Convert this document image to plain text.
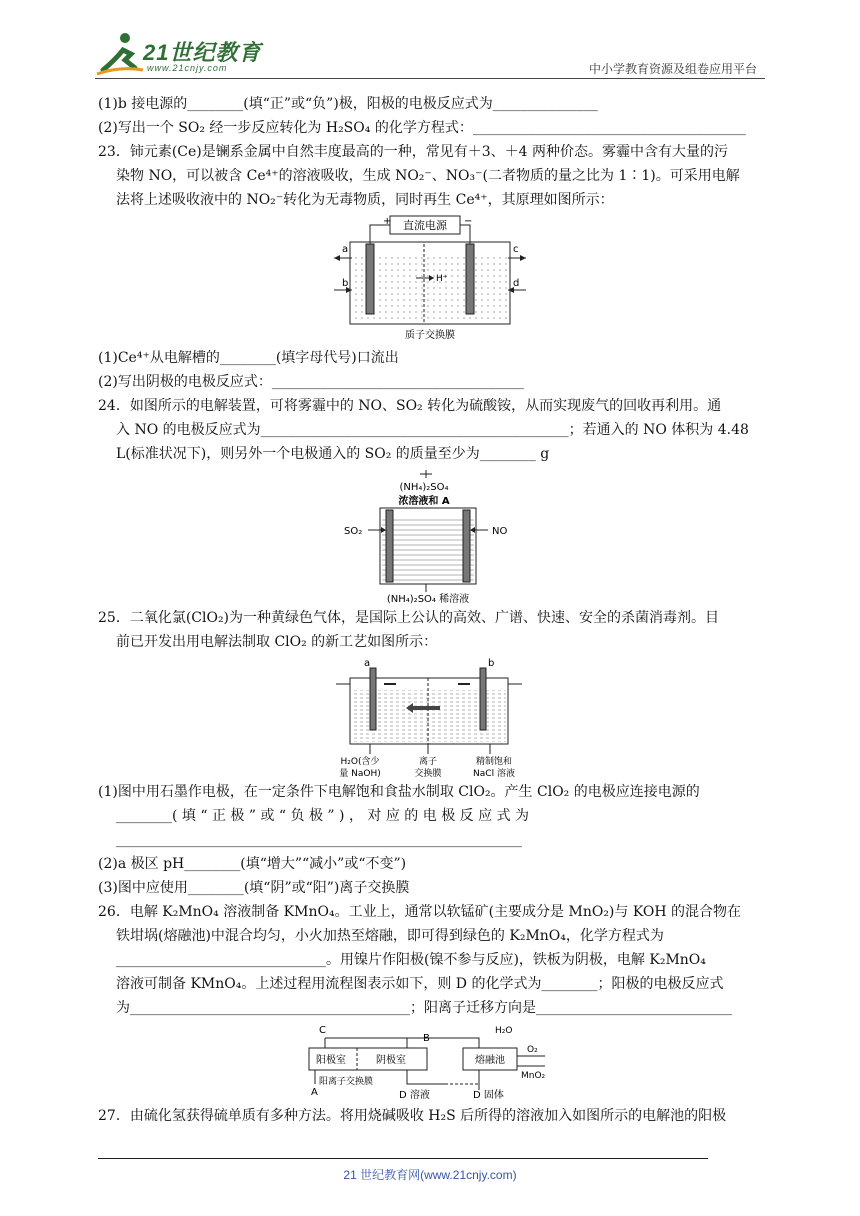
21世纪教育
www.21cnjy.com	中小学教育资源及组卷应用平台

(1)b 接电源的________(填“正”或“负”)极，阳极的电极反应式为_______________

(2)写出一个 SO₂ 经一步反应转化为 H₂SO₄ 的化学方程式：_______________________________________

23．铈元素(Ce)是镧系金属中自然丰度最高的一种，常见有＋3、＋4 两种价态。雾霾中含有大量的污

染物 NO，可以被含 Ce⁴⁺的溶液吸收，生成 NO₂⁻、NO₃⁻(二者物质的量之比为 1∶1)。可采用电解

法将上述吸收液中的 NO₂⁻转化为无毒物质，同时再生 Ce⁴⁺，其原理如图所示：

直流电源
+	−
a
b
c
d
H⁺
质子交换膜

(1)Ce⁴⁺从电解槽的________(填字母代号)口流出

(2)写出阴极的电极反应式：____________________________________

24．如图所示的电解装置，可将雾霾中的 NO、SO₂ 转化为硫酸铵，从而实现废气的回收再利用。通

入 NO 的电极反应式为____________________________________________；若通入的 NO 体积为 4.48

L(标准状况下)，则另外一个电极通入的 SO₂ 的质量至少为________ g

(NH₄)₂SO₄
浓溶液和 A
SO₂	NO
(NH₄)₂SO₄ 稀溶液

25．二氧化氯(ClO₂)为一种黄绿色气体，是国际上公认的高效、广谱、快速、安全的杀菌消毒剂。目

前已开发出用电解法制取 ClO₂ 的新工艺如图所示：

a	b
H₂O(含少
量 NaOH)
离子
交换膜
精制饱和
NaCl 溶液

(1)图中用石墨作电极，在一定条件下电解饱和食盐水制取 ClO₂。产生 ClO₂ 的电极应连接电源的

________( 填 “ 正 极 ” 或 “ 负 极 ” ) ， 对 应 的 电 极 反 应 式 为

__________________________________________________________

(2)a 极区 pH________(填“增大”“减小”或“不变”)

(3)图中应使用________(填“阴”或“阳”)离子交换膜

26．电解 K₂MnO₄ 溶液制备 KMnO₄。工业上，通常以软锰矿(主要成分是 MnO₂)与 KOH 的混合物在

铁坩埚(熔融池)中混合均匀，小火加热至熔融，即可得到绿色的 K₂MnO₄，化学方程式为

______________________________。用镍片作阳极(镍不参与反应)，铁板为阴极，电解 K₂MnO₄

溶液可制备 KMnO₄。上述过程用流程图表示如下，则 D 的化学式为________；阳极的电极反应式

为________________________________________；阳离子迁移方向是____________________________

C
B
阳极室	阴极室	熔融池
H₂O
O₂
MnO₂
A
阳离子交换膜
D 溶液	D 固体

27．由硫化氢获得硫单质有多种方法。将用烧碱吸收 H₂S 后所得的溶液加入如图所示的电解池的阳极

21 世纪教育网(www.21cnjy.com)
